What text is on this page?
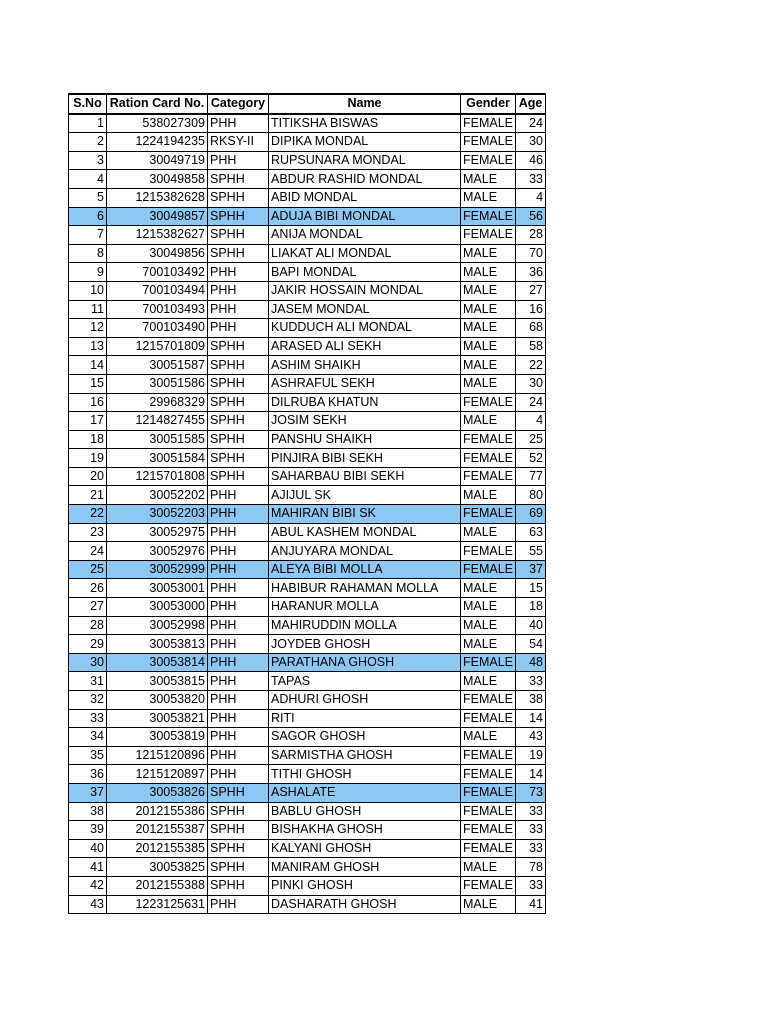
S.No	Ration Card No.	Category	Name	Gender	Age
1	538027309	PHH	TITIKSHA BISWAS	FEMALE	24
2	1224194235	RKSY-II	DIPIKA MONDAL	FEMALE	30
3	30049719	PHH	RUPSUNARA MONDAL	FEMALE	46
4	30049858	SPHH	ABDUR RASHID MONDAL	MALE	33
5	1215382628	SPHH	ABID MONDAL	MALE	4
6	30049857	SPHH	ADUJA BIBI MONDAL	FEMALE	56
7	1215382627	SPHH	ANIJA MONDAL	FEMALE	28
8	30049856	SPHH	LIAKAT ALI MONDAL	MALE	70
9	700103492	PHH	BAPI MONDAL	MALE	36
10	700103494	PHH	JAKIR HOSSAIN MONDAL	MALE	27
11	700103493	PHH	JASEM MONDAL	MALE	16
12	700103490	PHH	KUDDUCH ALI MONDAL	MALE	68
13	1215701809	SPHH	ARASED ALI SEKH	MALE	58
14	30051587	SPHH	ASHIM SHAIKH	MALE	22
15	30051586	SPHH	ASHRAFUL SEKH	MALE	30
16	29968329	SPHH	DILRUBA KHATUN	FEMALE	24
17	1214827455	SPHH	JOSIM SEKH	MALE	4
18	30051585	SPHH	PANSHU SHAIKH	FEMALE	25
19	30051584	SPHH	PINJIRA BIBI SEKH	FEMALE	52
20	1215701808	SPHH	SAHARBAU BIBI SEKH	FEMALE	77
21	30052202	PHH	AJIJUL SK	MALE	80
22	30052203	PHH	MAHIRAN BIBI SK	FEMALE	69
23	30052975	PHH	ABUL KASHEM MONDAL	MALE	63
24	30052976	PHH	ANJUYARA MONDAL	FEMALE	55
25	30052999	PHH	ALEYA BIBI MOLLA	FEMALE	37
26	30053001	PHH	HABIBUR RAHAMAN MOLLA	MALE	15
27	30053000	PHH	HARANUR MOLLA	MALE	18
28	30052998	PHH	MAHIRUDDIN MOLLA	MALE	40
29	30053813	PHH	JOYDEB GHOSH	MALE	54
30	30053814	PHH	PARATHANA GHOSH	FEMALE	48
31	30053815	PHH	TAPAS	MALE	33
32	30053820	PHH	ADHURI GHOSH	FEMALE	38
33	30053821	PHH	RITI	FEMALE	14
34	30053819	PHH	SAGOR GHOSH	MALE	43
35	1215120896	PHH	SARMISTHA GHOSH	FEMALE	19
36	1215120897	PHH	TITHI GHOSH	FEMALE	14
37	30053826	SPHH	ASHALATE	FEMALE	73
38	2012155386	SPHH	BABLU GHOSH	FEMALE	33
39	2012155387	SPHH	BISHAKHA GHOSH	FEMALE	33
40	2012155385	SPHH	KALYANI GHOSH	FEMALE	33
41	30053825	SPHH	MANIRAM GHOSH	MALE	78
42	2012155388	SPHH	PINKI GHOSH	FEMALE	33
43	1223125631	PHH	DASHARATH GHOSH	MALE	41
